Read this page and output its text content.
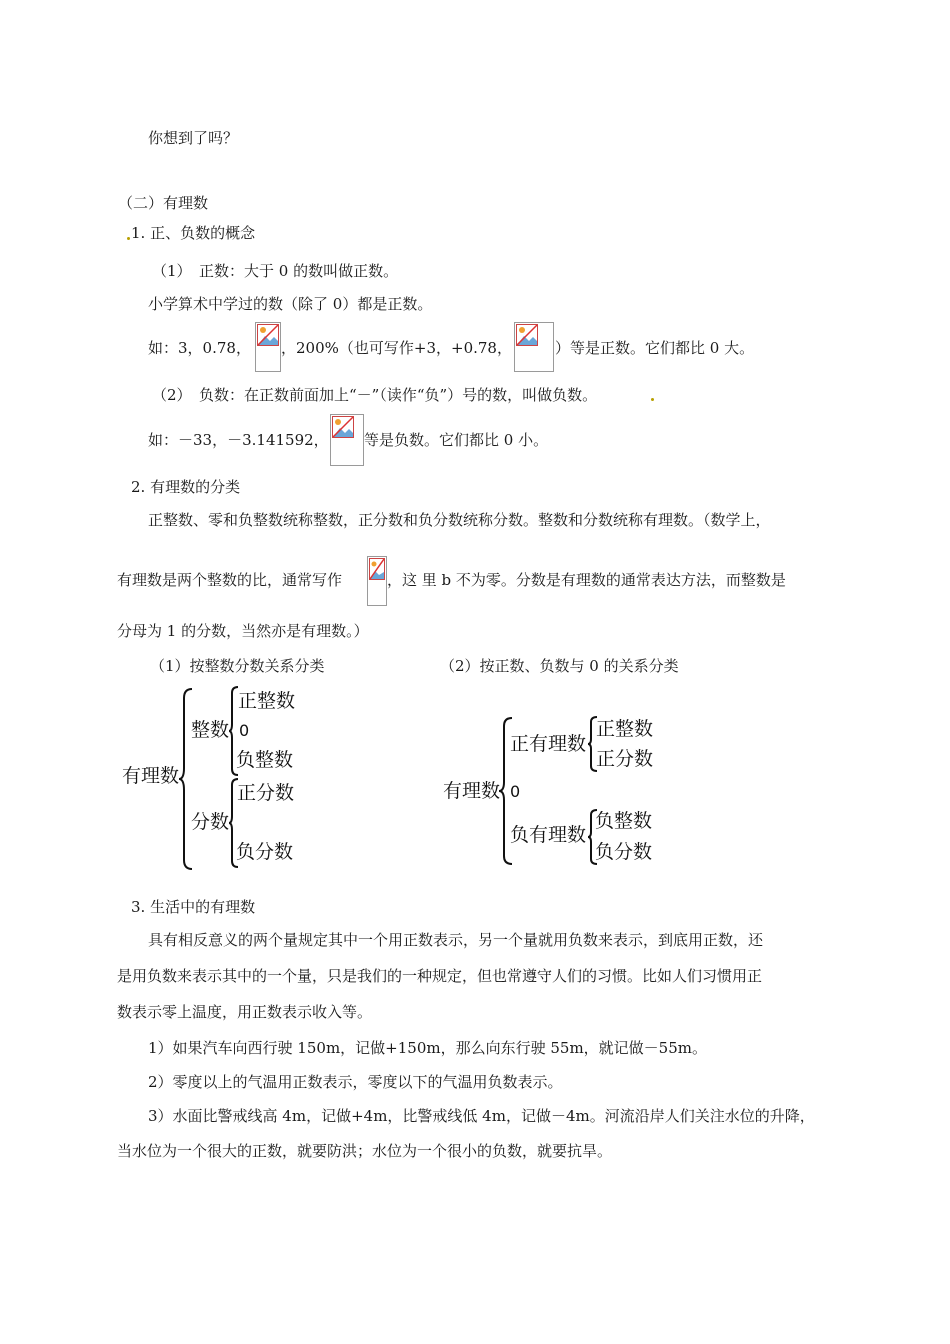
你想到了吗？
（二）有理数
1. 正、负数的概念
（1） 正数：大于 0 的数叫做正数。
小学算术中学过的数（除了 0）都是正数。
如：3，0.78， ，200%（也可写作+3，+0.78，	）等是正数。它们都比 0 大。
（2） 负数：在正数前面加上“－”（读作“负”）号的数，叫做负数。
如：－33，－3.141592， 等是负数。它们都比 0 小。
2. 有理数的分类
正整数、零和负整数统称整数，正分数和负分数统称分数。整数和分数统称有理数。（数学上，
有理数是两个整数的比，通常写作	，这 里 b 不为零。分数是有理数的通常表达方法，而整数是
分母为 1 的分数，当然亦是有理数。）
（1）按整数分数关系分类	（2）按正数、负数与 0 的关系分类
有理数
整数
正整数
0
负整数
分数
正分数
负分数
有理数
正有理数
正整数
正分数
0
负有理数
负整数
负分数
3. 生活中的有理数
具有相反意义的两个量规定其中一个用正数表示，另一个量就用负数来表示，到底用正数，还
是用负数来表示其中的一个量，只是我们的一种规定，但也常遵守人们的习惯。比如人们习惯用正
数表示零上温度，用正数表示收入等。
1）如果汽车向西行驶 150m，记做+150m，那么向东行驶 55m，就记做－55m。
2）零度以上的气温用正数表示，零度以下的气温用负数表示。
3）水面比警戒线高 4m，记做+4m，比警戒线低 4m，记做－4m。河流沿岸人们关注水位的升降，
当水位为一个很大的正数，就要防洪；水位为一个很小的负数，就要抗旱。
